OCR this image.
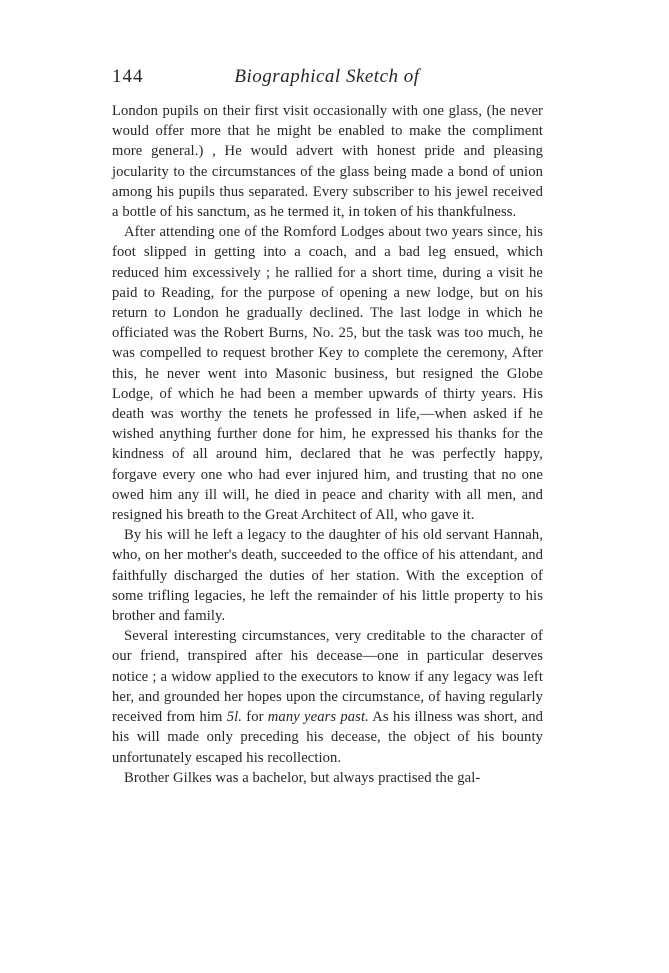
144	Biographical Sketch of

London pupils on their first visit occasionally with one glass, (he never would offer more that he might be enabled to make the compliment more general.) , He would advert with honest pride and pleasing jocularity to the circumstances of the glass being made a bond of union among his pupils thus separated. Every subscriber to his jewel received a bottle of his sanctum, as he termed it, in token of his thankfulness.

After attending one of the Romford Lodges about two years since, his foot slipped in getting into a coach, and a bad leg ensued, which reduced him excessively ; he rallied for a short time, during a visit he paid to Reading, for the purpose of opening a new lodge, but on his return to London he gradually declined. The last lodge in which he officiated was the Robert Burns, No. 25, but the task was too much, he was compelled to request brother Key to complete the ceremony, After this, he never went into Masonic business, but resigned the Globe Lodge, of which he had been a member upwards of thirty years. His death was worthy the tenets he professed in life,—when asked if he wished anything further done for him, he expressed his thanks for the kindness of all around him, declared that he was perfectly happy, forgave every one who had ever injured him, and trusting that no one owed him any ill will, he died in peace and charity with all men, and resigned his breath to the Great Architect of All, who gave it.

By his will he left a legacy to the daughter of his old servant Hannah, who, on her mother's death, succeeded to the office of his attendant, and faithfully discharged the duties of her station. With the exception of some trifling legacies, he left the remainder of his little property to his brother and family.

Several interesting circumstances, very creditable to the character of our friend, transpired after his decease—one in particular deserves notice ; a widow applied to the executors to know if any legacy was left her, and grounded her hopes upon the circumstance, of having regularly received from him 5l. for many years past. As his illness was short, and his will made only preceding his decease, the object of his bounty unfortunately escaped his recollection.

Brother Gilkes was a bachelor, but always practised the gal-
